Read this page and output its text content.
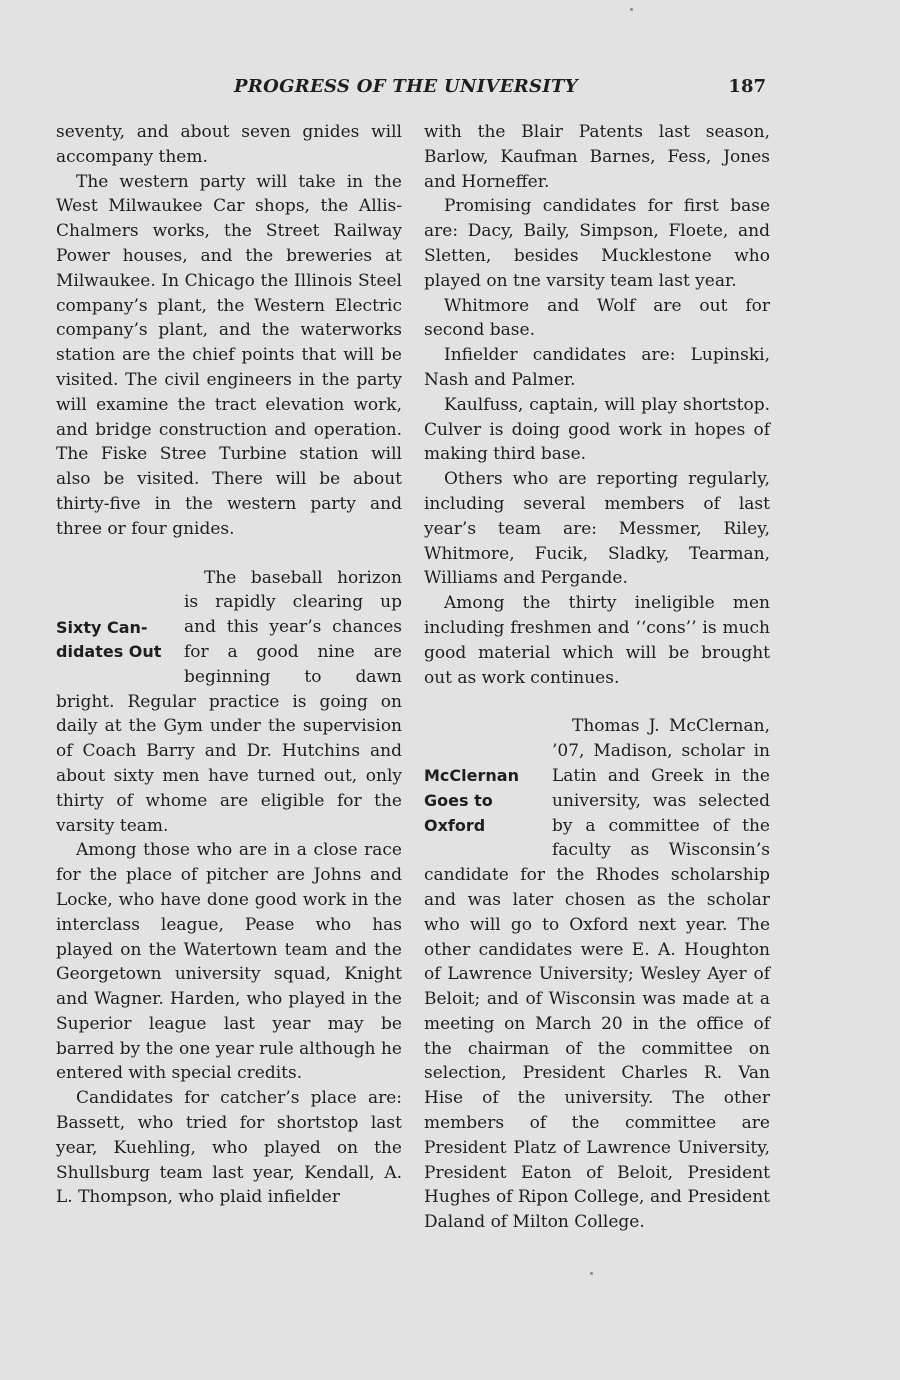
PROGRESS OF THE UNIVERSITY	187

seventy, and about seven gnides will accompany them.

The western party will take in the West Milwaukee Car shops, the Allis-Chalmers works, the Street Railway Power houses, and the breweries at Milwaukee. In Chicago the Illinois Steel company’s plant, the Western Electric company’s plant, and the waterworks station are the chief points that will be visited. The civil engineers in the party will examine the tract elevation work, and bridge construction and operation. The Fiske Stree Turbine station will also be visited. There will be about thirty-five in the western party and three or four gnides.

Sixty Can-didates Out
The baseball horizon is rapidly clearing up and this year’s chances for a good nine are beginning to dawn bright. Regular practice is going on daily at the Gym under the supervision of Coach Barry and Dr. Hutchins and about sixty men have turned out, only thirty of whome are eligible for the varsity team.

Among those who are in a close race for the place of pitcher are Johns and Locke, who have done good work in the interclass league, Pease who has played on the Watertown team and the Georgetown university squad, Knight and Wagner. Harden, who played in the Superior league last year may be barred by the one year rule although he entered with special credits.

Candidates for catcher’s place are: Bassett, who tried for shortstop last year, Kuehling, who played on the Shullsburg team last year, Kendall, A. L. Thompson, who plaid infielder

with the Blair Patents last season, Barlow, Kaufman Barnes, Fess, Jones and Horneffer.

Promising candidates for first base are: Dacy, Baily, Simpson, Floete, and Sletten, besides Mucklestone who played on tne varsity team last year.

Whitmore and Wolf are out for second base.

Infielder candidates are: Lupinski, Nash and Palmer.

Kaulfuss, captain, will play shortstop. Culver is doing good work in hopes of making third base.

Others who are reporting regularly, including several members of last year’s team are: Messmer, Riley, Whitmore, Fucik, Sladky, Tearman, Williams and Pergande.

Among the thirty ineligible men including freshmen and ‘‘cons’’ is much good material which will be brought out as work continues.

McClernan Goes to Oxford
Thomas J. McClernan, ’07, Madison, scholar in Latin and Greek in the university, was selected by a committee of the faculty as Wisconsin’s candidate for the Rhodes scholarship and was later chosen as the scholar who will go to Oxford next year. The other candidates were E. A. Houghton of Lawrence University; Wesley Ayer of Beloit; and of Wisconsin was made at a meeting on March 20 in the office of the chairman of the committee on selection, President Charles R. Van Hise of the university. The other members of the committee are President Platz of Lawrence University, President Eaton of Beloit, President Hughes of Ripon College, and President Daland of Milton College.
